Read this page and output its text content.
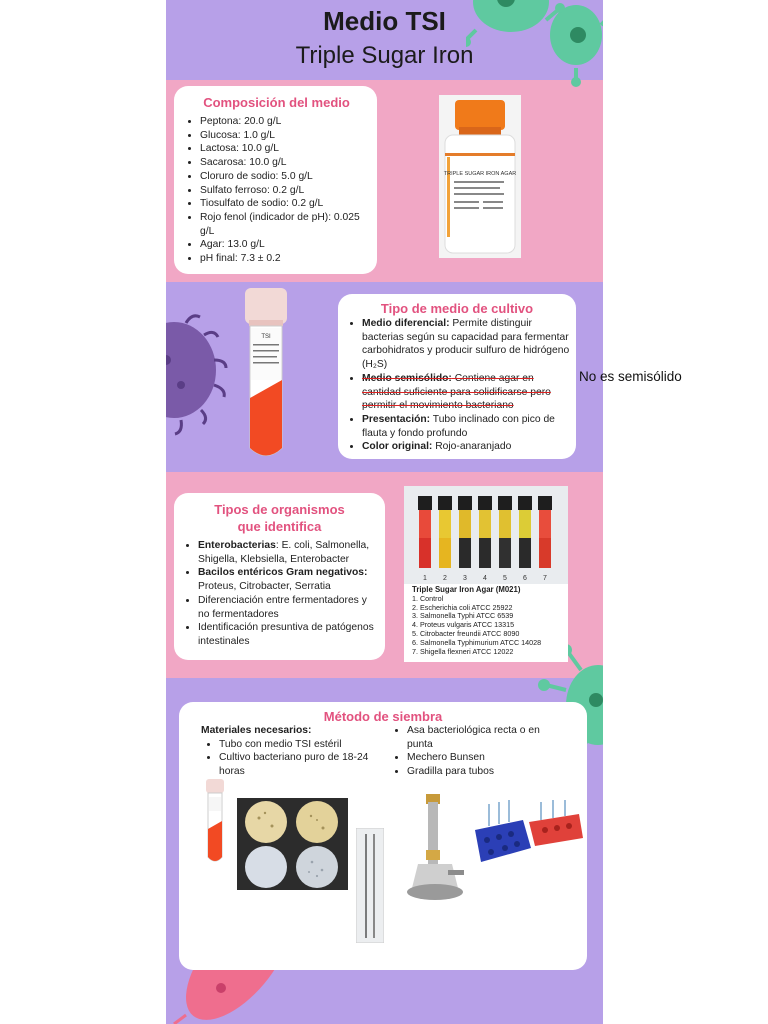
Medio TSI
Triple Sugar Iron
Composición del medio
• Peptona: 20.0 g/L
• Glucosa: 1.0 g/L
• Lactosa: 10.0 g/L
• Sacarosa: 10.0 g/L
• Cloruro de sodio: 5.0 g/L
• Sulfato ferroso: 0.2 g/L
• Tiosulfato de sodio: 0.2 g/L
• Rojo fenol (indicador de pH): 0.025 g/L
• Agar: 13.0 g/L
• pH final: 7.3 ± 0.2
TRIPLE SUGAR IRON AGAR
TSI
Tipo de medio de cultivo
• Medio diferencial: Permite distinguir bacterias según su capacidad para fermentar carbohidratos y producir sulfuro de hidrógeno (H₂S)
• Medio semisólido: Contiene agar en cantidad suficiente para solidificarse pero permitir el movimiento bacteriano
• Presentación: Tubo inclinado con pico de flauta y fondo profundo
• Color original: Rojo-anaranjado
Tipos de organismos
que identifica
• Enterobacterias: E. coli, Salmonella, Shigella, Klebsiella, Enterobacter
• Bacilos entéricos Gram negativos: Proteus, Citrobacter, Serratia
• Diferenciación entre fermentadores y no fermentadores
• Identificación presuntiva de patógenos intestinales
1 2 3 4 5 6 7
Triple Sugar Iron Agar (M021)
1. Control
2. Escherichia coli ATCC 25922
3. Salmonella Typhi ATCC 6539
4. Proteus vulgaris ATCC 13315
5. Citrobacter freundii ATCC 8090
6. Salmonella Typhimurium ATCC 14028
7. Shigella flexneri ATCC 12022
Método de siembra
Materiales necesarios:
• Tubo con medio TSI estéril
• Cultivo bacteriano puro de 18-24 horas
• Asa bacteriológica recta o en punta
• Mechero Bunsen
• Gradilla para tubos
No es semisólido
